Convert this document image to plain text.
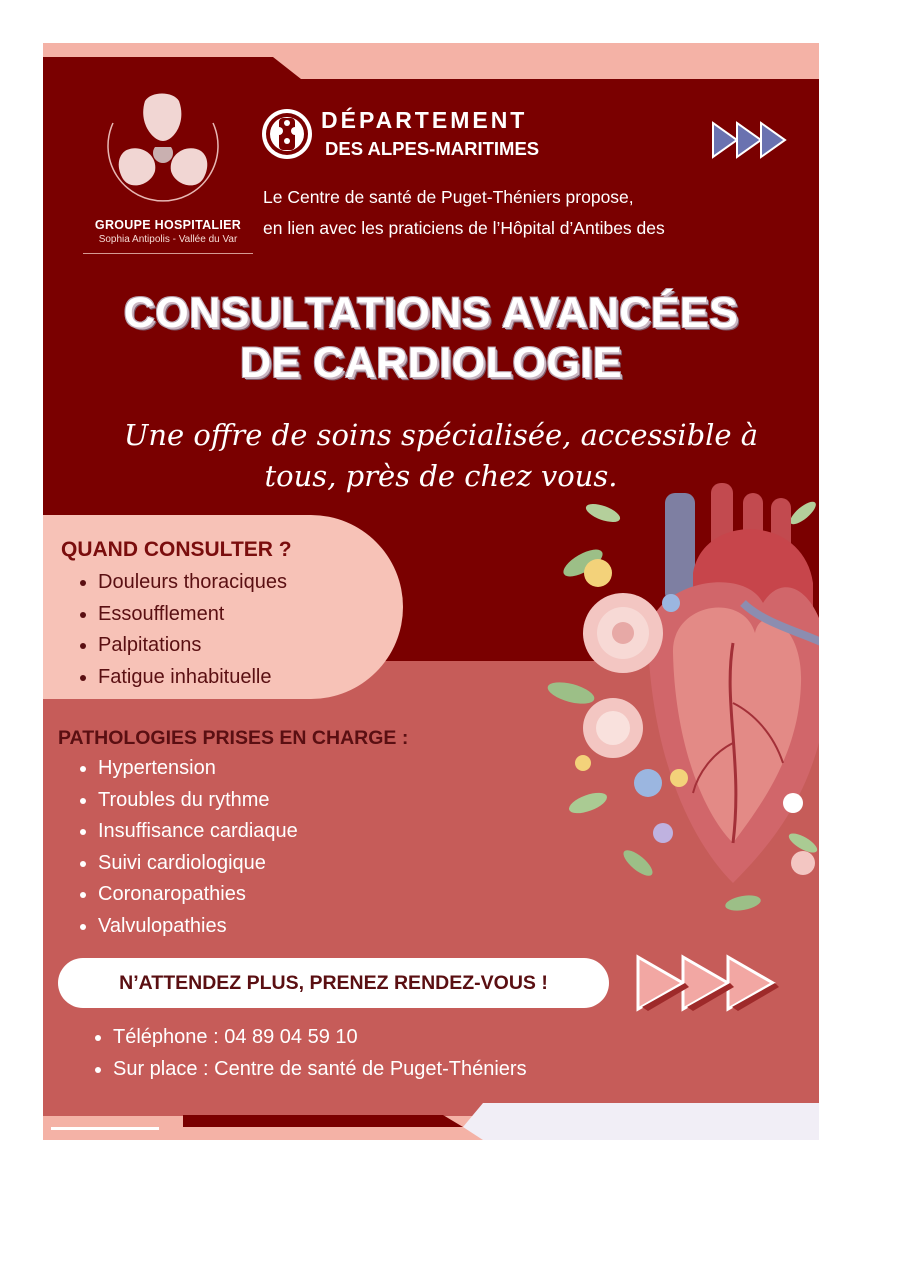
GROUPE HOSPITALIER
Sophia Antipolis - Vallée du Var
DÉPARTEMENT
DES ALPES-MARITIMES
Le Centre de santé de Puget-Théniers propose,
en lien avec les praticiens de l’Hôpital d’Antibes des
CONSULTATIONS AVANCÉES
DE CARDIOLOGIE
Une offre de soins spécialisée, accessible à
tous, près de chez vous.
QUAND CONSULTER ?
• Douleurs thoraciques
• Essoufflement
• Palpitations
• Fatigue inhabituelle
PATHOLOGIES PRISES EN CHARGE :
• Hypertension
• Troubles du rythme
• Insuffisance cardiaque
• Suivi cardiologique
• Coronaropathies
• Valvulopathies
N’ATTENDEZ PLUS, PRENEZ RENDEZ-VOUS !
• Téléphone : 04 89 04 59 10
• Sur place : Centre de santé de Puget-Théniers
